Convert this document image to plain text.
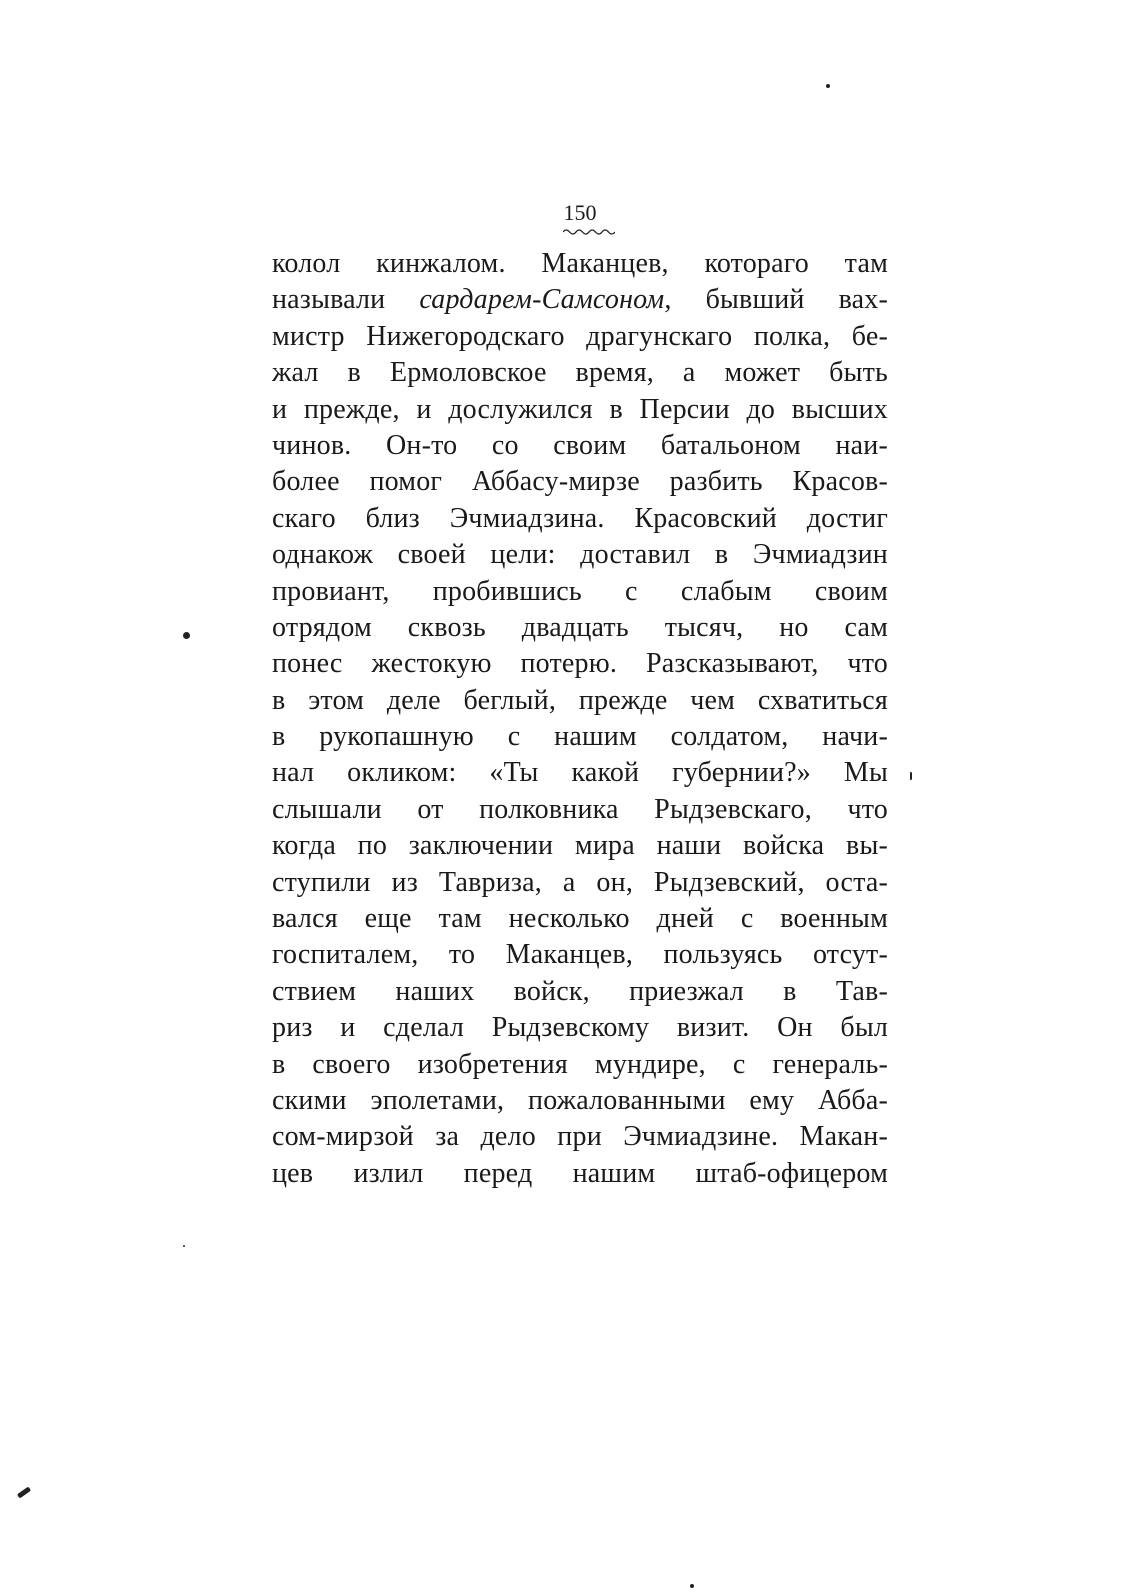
150
колол кинжалом. Маканцев, котораго там
называли сардарем-Самсоном, бывший вах-
мистр Нижегородскаго драгунскаго полка, бе-
жал в Ермоловское время, а может быть
и прежде, и дослужился в Персии до высших
чинов. Он-то со своим батальоном наи-
более помог Аббасу-мирзе разбить Красов-
скаго близ Эчмиадзина. Красовский достиг
однакож своей цели: доставил в Эчмиадзин
провиант, пробившись с слабым своим
отрядом сквозь двадцать тысяч, но сам
понес жестокую потерю. Разсказывают, что
в этом деле беглый, прежде чем схватиться
в рукопашную с нашим солдатом, начи-
нал окликом: «Ты какой губернии?» Мы
слышали от полковника Рыдзевскаго, что
когда по заключении мира наши войска вы-
ступили из Тавриза, а он, Рыдзевский, оста-
вался еще там несколько дней с военным
госпиталем, то Маканцев, пользуясь отсут-
ствием наших войск, приезжал в Тав-
риз и сделал Рыдзевскому визит. Он был
в своего изобретения мундире, с генераль-
скими эполетами, пожалованными ему Абба-
сом-мирзой за дело при Эчмиадзине. Макан-
цев излил перед нашим штаб-офицером
